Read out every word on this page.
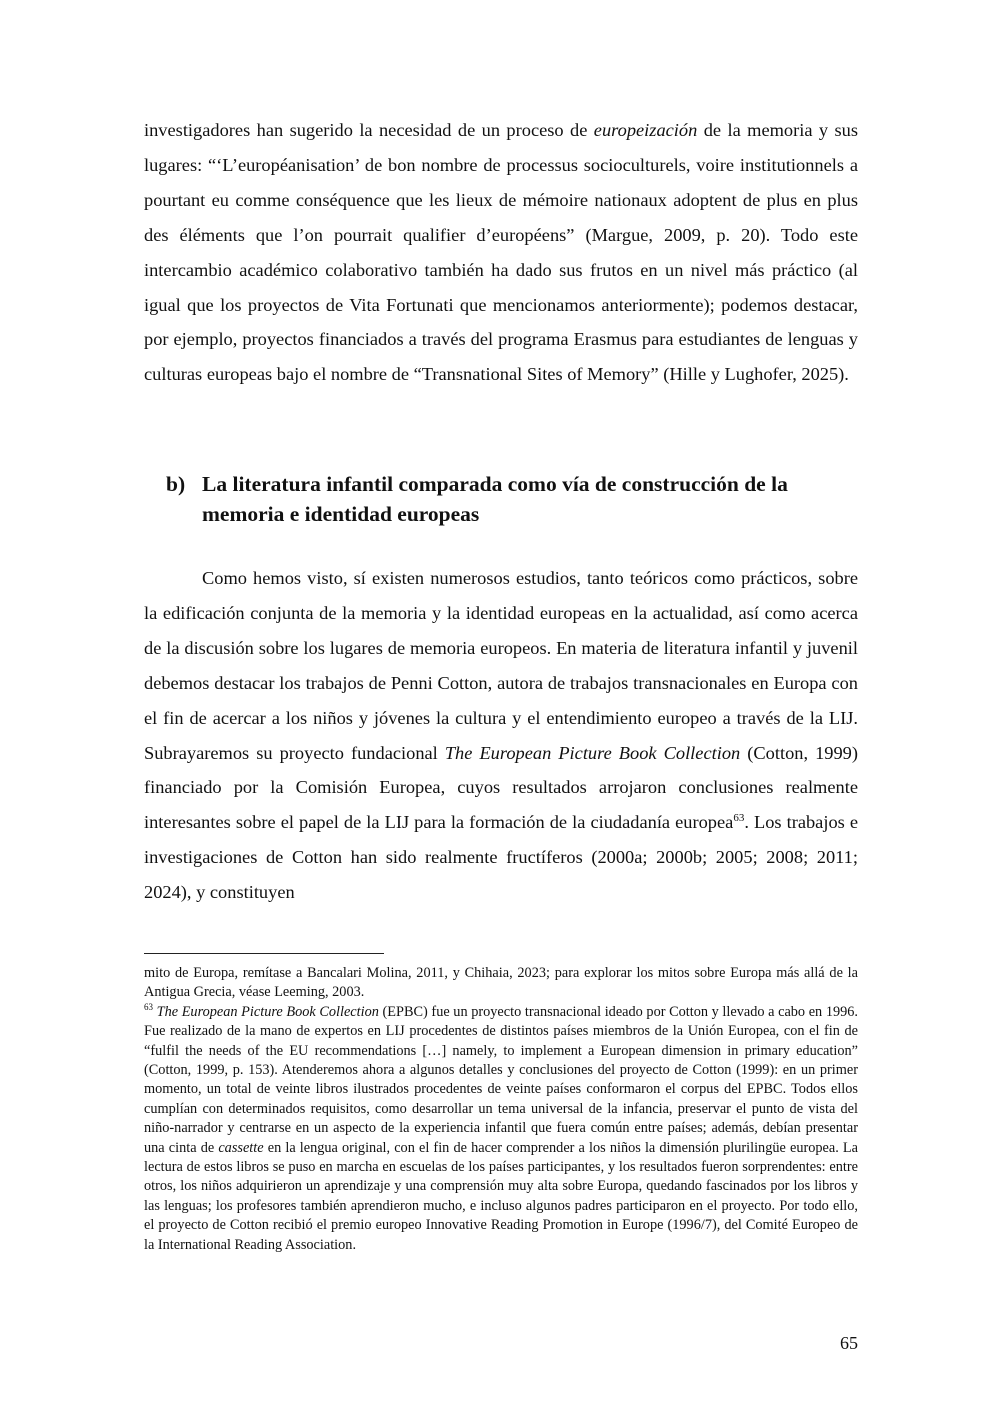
investigadores han sugerido la necesidad de un proceso de europeización de la memoria y sus lugares: “‘L’européanisation’ de bon nombre de processus socioculturels, voire institutionnels a pourtant eu comme conséquence que les lieux de mémoire nationaux adoptent de plus en plus des éléments que l’on pourrait qualifier d’européens” (Margue, 2009, p. 20). Todo este intercambio académico colaborativo también ha dado sus frutos en un nivel más práctico (al igual que los proyectos de Vita Fortunati que mencionamos anteriormente); podemos destacar, por ejemplo, proyectos financiados a través del programa Erasmus para estudiantes de lenguas y culturas europeas bajo el nombre de “Transnational Sites of Memory” (Hille y Lughofer, 2025).

b) La literatura infantil comparada como vía de construcción de la memoria e identidad europeas

Como hemos visto, sí existen numerosos estudios, tanto teóricos como prácticos, sobre la edificación conjunta de la memoria y la identidad europeas en la actualidad, así como acerca de la discusión sobre los lugares de memoria europeos. En materia de literatura infantil y juvenil debemos destacar los trabajos de Penni Cotton, autora de trabajos transnacionales en Europa con el fin de acercar a los niños y jóvenes la cultura y el entendimiento europeo a través de la LIJ. Subrayaremos su proyecto fundacional The European Picture Book Collection (Cotton, 1999) financiado por la Comisión Europea, cuyos resultados arrojaron conclusiones realmente interesantes sobre el papel de la LIJ para la formación de la ciudadanía europea$^{63}$. Los trabajos e investigaciones de Cotton han sido realmente fructíferos (2000a; 2000b; 2005; 2008; 2011; 2024), y constituyen

mito de Europa, remítase a Bancalari Molina, 2011, y Chihaia, 2023; para explorar los mitos sobre Europa más allá de la Antigua Grecia, véase Leeming, 2003.

$^{63}$ The European Picture Book Collection (EPBC) fue un proyecto transnacional ideado por Cotton y llevado a cabo en 1996. Fue realizado de la mano de expertos en LIJ procedentes de distintos países miembros de la Unión Europea, con el fin de “fulfil the needs of the EU recommendations […] namely, to implement a European dimension in primary education” (Cotton, 1999, p. 153). Atenderemos ahora a algunos detalles y conclusiones del proyecto de Cotton (1999): en un primer momento, un total de veinte libros ilustrados procedentes de veinte países conformaron el corpus del EPBC. Todos ellos cumplían con determinados requisitos, como desarrollar un tema universal de la infancia, preservar el punto de vista del niño-narrador y centrarse en un aspecto de la experiencia infantil que fuera común entre países; además, debían presentar una cinta de cassette en la lengua original, con el fin de hacer comprender a los niños la dimensión plurilingüe europea. La lectura de estos libros se puso en marcha en escuelas de los países participantes, y los resultados fueron sorprendentes: entre otros, los niños adquirieron un aprendizaje y una comprensión muy alta sobre Europa, quedando fascinados por los libros y las lenguas; los profesores también aprendieron mucho, e incluso algunos padres participaron en el proyecto. Por todo ello, el proyecto de Cotton recibió el premio europeo Innovative Reading Promotion in Europe (1996/7), del Comité Europeo de la International Reading Association.

65
